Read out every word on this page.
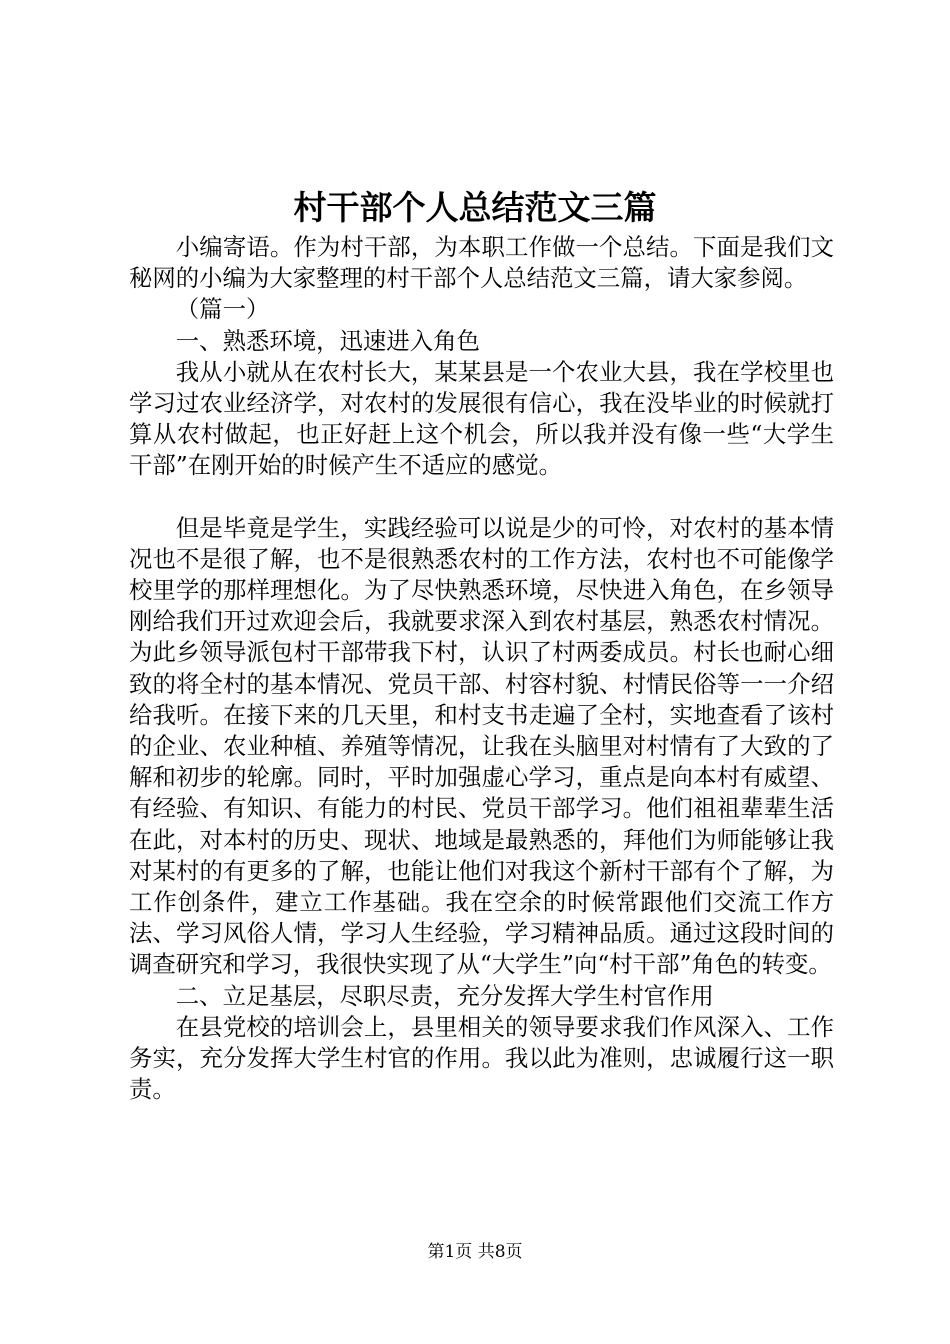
村干部个人总结范文三篇

小编寄语。作为村干部，为本职工作做一个总结。下面是我们文秘网的小编为大家整理的村干部个人总结范文三篇，请大家参阅。

（篇一）

一、熟悉环境，迅速进入角色

我从小就从在农村长大，某某县是一个农业大县，我在学校里也学习过农业经济学，对农村的发展很有信心，我在没毕业的时候就打算从农村做起，也正好赶上这个机会，所以我并没有像一些“大学生干部”在刚开始的时候产生不适应的感觉。

但是毕竟是学生，实践经验可以说是少的可怜，对农村的基本情况也不是很了解，也不是很熟悉农村的工作方法，农村也不可能像学校里学的那样理想化。为了尽快熟悉环境，尽快进入角色，在乡领导刚给我们开过欢迎会后，我就要求深入到农村基层，熟悉农村情况。为此乡领导派包村干部带我下村，认识了村两委成员。村长也耐心细致的将全村的基本情况、党员干部、村容村貌、村情民俗等一一介绍给我听。在接下来的几天里，和村支书走遍了全村，实地查看了该村的企业、农业种植、养殖等情况，让我在头脑里对村情有了大致的了解和初步的轮廓。同时，平时加强虚心学习，重点是向本村有威望、有经验、有知识、有能力的村民、党员干部学习。他们祖祖辈辈生活在此，对本村的历史、现状、地域是最熟悉的，拜他们为师能够让我对某村的有更多的了解，也能让他们对我这个新村干部有个了解，为工作创条件，建立工作基础。我在空余的时候常跟他们交流工作方法、学习风俗人情，学习人生经验，学习精神品质。通过这段时间的调查研究和学习，我很快实现了从“大学生”向“村干部”角色的转变。

二、立足基层，尽职尽责，充分发挥大学生村官作用

在县党校的培训会上，县里相关的领导要求我们作风深入、工作务实，充分发挥大学生村官的作用。我以此为准则，忠诚履行这一职责。

第1页 共8页
